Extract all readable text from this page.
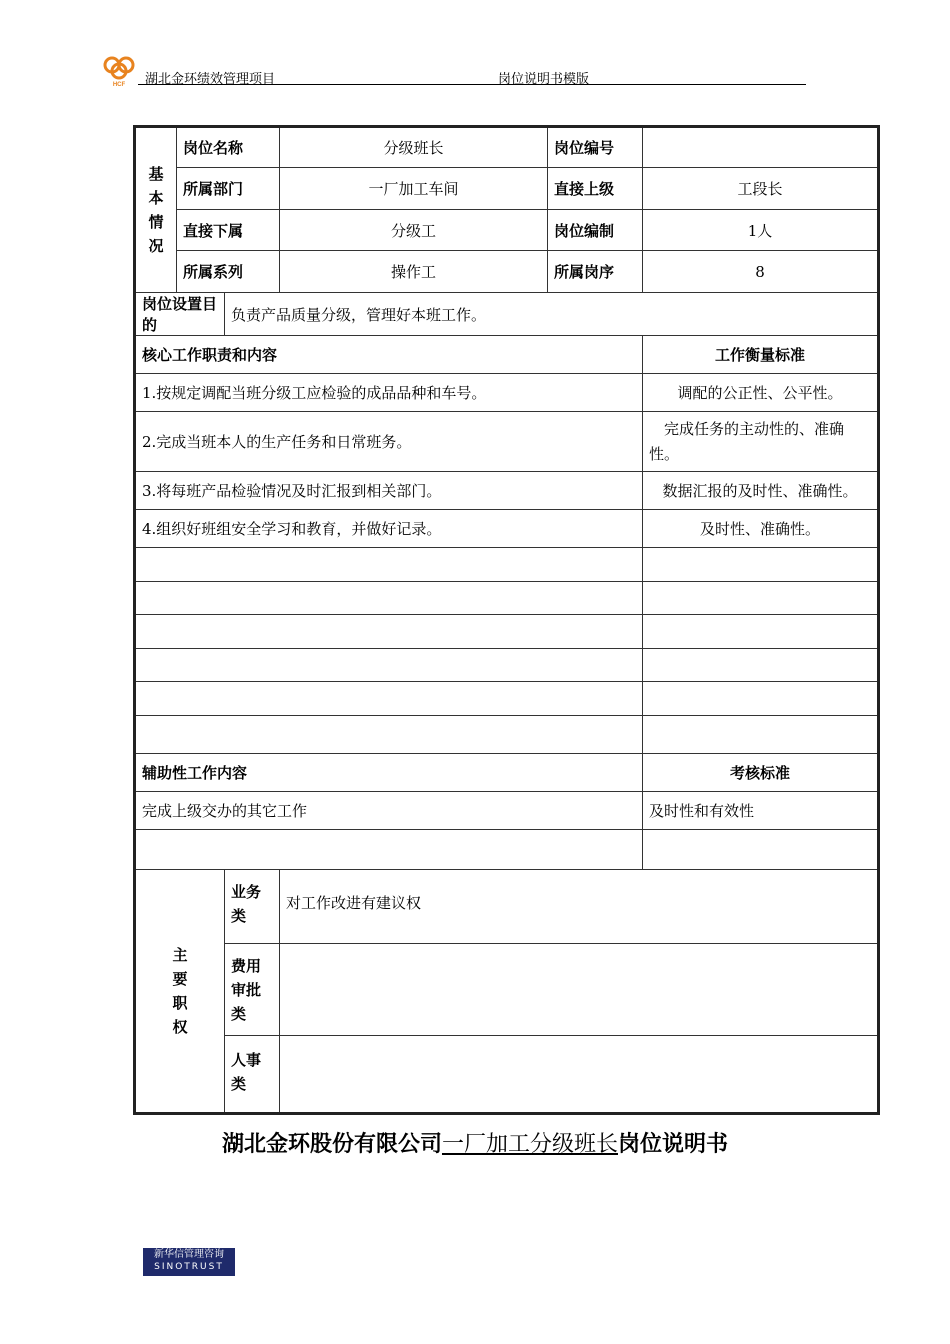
HCF 湖北金环绩效管理项目	岗位说明书模版
基本情况	岗位名称		分级班长	岗位编号	
	所属部门		一厂加工车间	直接上级	工段长
	直接下属		分级工	岗位编制	1人
	所属系列		操作工	所属岗序	8
岗位设置目的		负责产品质量分级，管理好本班工作。			
核心工作职责和内容					工作衡量标准
1.按规定调配当班分级工应检验的成品品种和车号。					调配的公正性、公平性。
2.完成当班本人的生产任务和日常班务。					完成任务的主动性的、准确性。

3.将每班产品检验情况及时汇报到相关部门。					数据汇报的及时性、准确性。
4.组织好班组安全学习和教育，并做好记录。					及时性、准确性。

辅助性工作内容					考核标准
完成上级交办的其它工作					及时性和有效性

主要职权		业务类	对工作改进有建议权		
		费用审批类			
		人事类			
湖北金环股份有限公司一厂加工分级班长岗位说明书
新华信管理咨询
SINOTRUST
